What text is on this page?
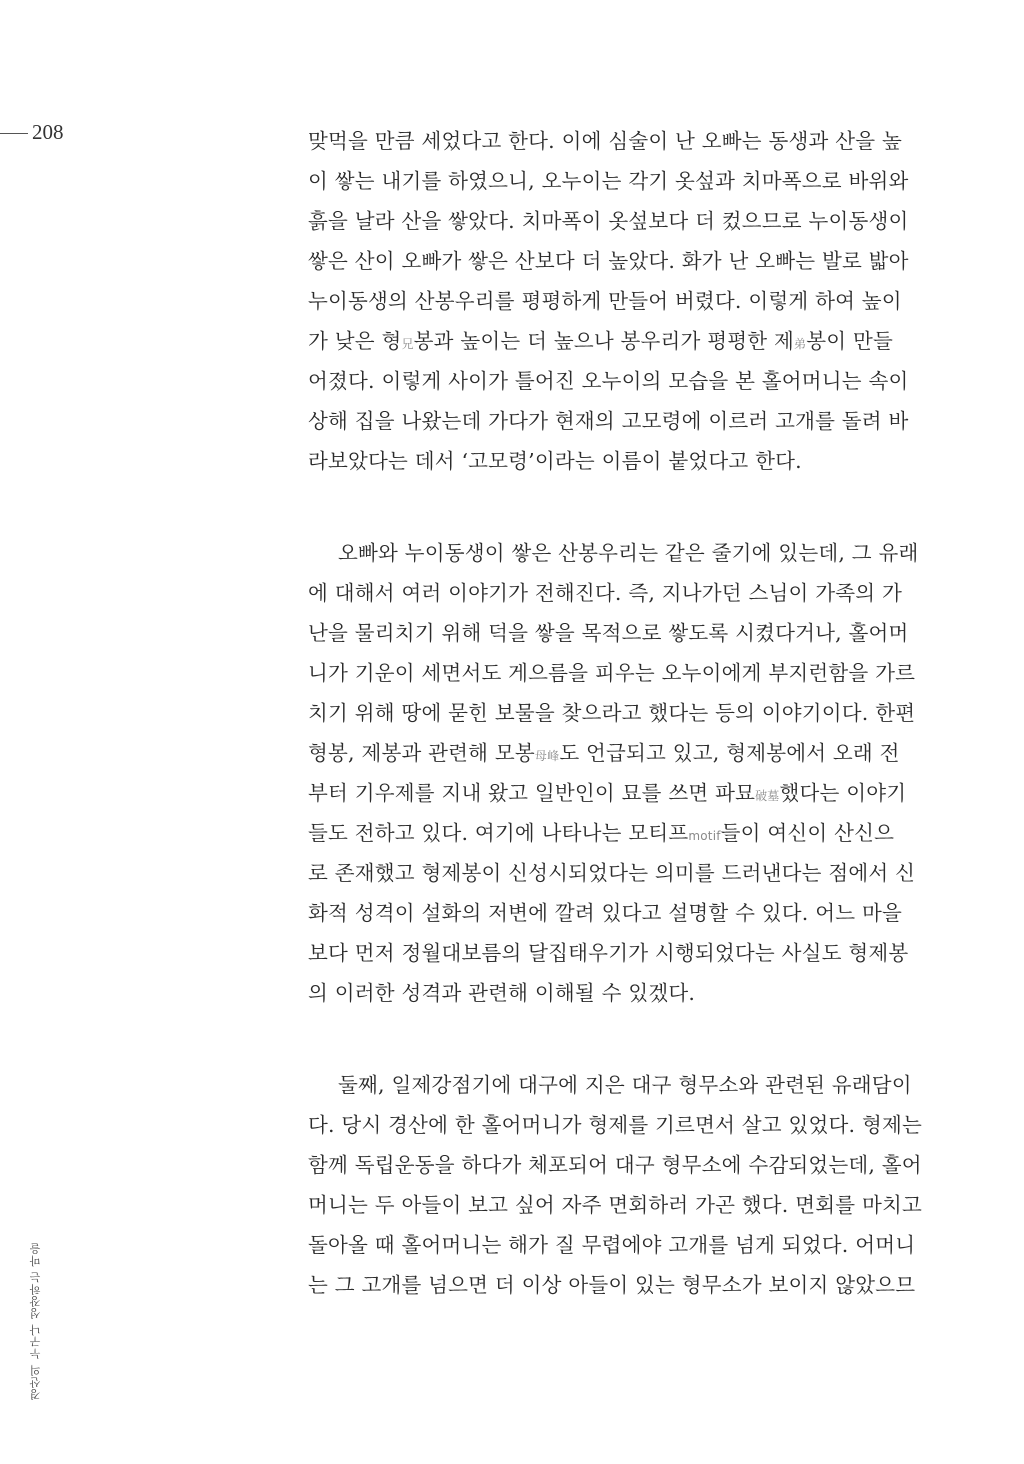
208
경산의 누구나 성장하는 마을
맞먹을 만큼 세었다고 한다. 이에 심술이 난 오빠는 동생과 산을 높
이 쌓는 내기를 하였으니, 오누이는 각기 옷섶과 치마폭으로 바위와
흙을 날라 산을 쌓았다. 치마폭이 옷섶보다 더 컸으므로 누이동생이
쌓은 산이 오빠가 쌓은 산보다 더 높았다. 화가 난 오빠는 발로 밟아
누이동생의 산봉우리를 평평하게 만들어 버렸다. 이렇게 하여 높이
가 낮은 형兄봉과 높이는 더 높으나 봉우리가 평평한 제弟봉이 만들
어졌다. 이렇게 사이가 틀어진 오누이의 모습을 본 홀어머니는 속이
상해 집을 나왔는데 가다가 현재의 고모령에 이르러 고개를 돌려 바
라보았다는 데서 ‘고모령’이라는 이름이 붙었다고 한다.
오빠와 누이동생이 쌓은 산봉우리는 같은 줄기에 있는데, 그 유래
에 대해서 여러 이야기가 전해진다. 즉, 지나가던 스님이 가족의 가
난을 물리치기 위해 덕을 쌓을 목적으로 쌓도록 시켰다거나, 홀어머
니가 기운이 세면서도 게으름을 피우는 오누이에게 부지런함을 가르
치기 위해 땅에 묻힌 보물을 찾으라고 했다는 등의 이야기이다. 한편
형봉, 제봉과 관련해 모봉母峰도 언급되고 있고, 형제봉에서 오래 전
부터 기우제를 지내 왔고 일반인이 묘를 쓰면 파묘破墓했다는 이야기
들도 전하고 있다. 여기에 나타나는 모티프motif들이 여신이 산신으
로 존재했고 형제봉이 신성시되었다는 의미를 드러낸다는 점에서 신
화적 성격이 설화의 저변에 깔려 있다고 설명할 수 있다. 어느 마을
보다 먼저 정월대보름의 달집태우기가 시행되었다는 사실도 형제봉
의 이러한 성격과 관련해 이해될 수 있겠다.
둘째, 일제강점기에 대구에 지은 대구 형무소와 관련된 유래담이
다. 당시 경산에 한 홀어머니가 형제를 기르면서 살고 있었다. 형제는
함께 독립운동을 하다가 체포되어 대구 형무소에 수감되었는데, 홀어
머니는 두 아들이 보고 싶어 자주 면회하러 가곤 했다. 면회를 마치고
돌아올 때 홀어머니는 해가 질 무렵에야 고개를 넘게 되었다. 어머니
는 그 고개를 넘으면 더 이상 아들이 있는 형무소가 보이지 않았으므
